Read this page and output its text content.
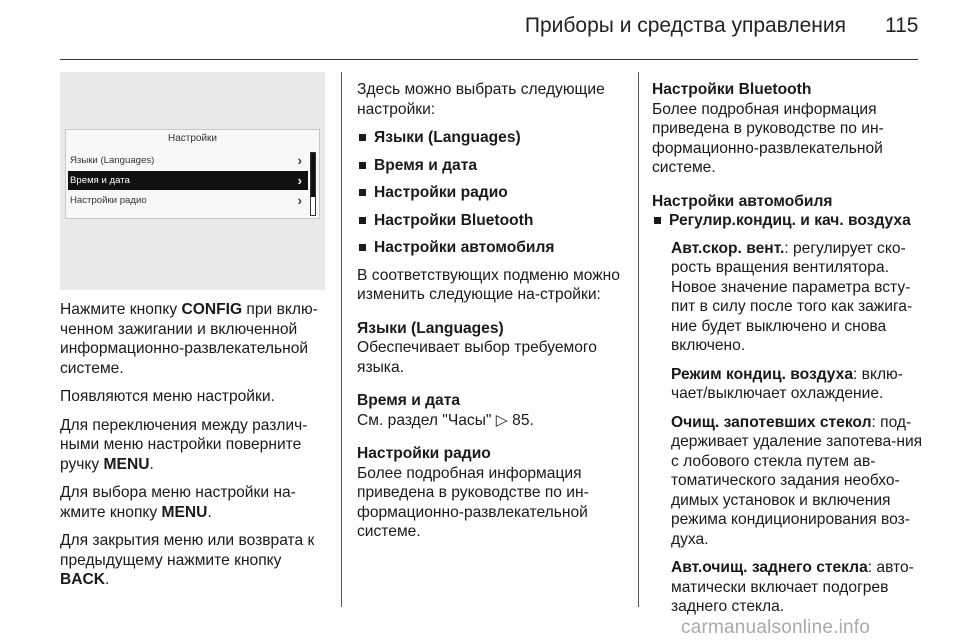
Приборы и средства управления 115
Настройки
Языки (Languages)	›
Время и дата	›
Настройки радио	›

Нажмите кнопку CONFIG при вклю-ченном зажигании и включенной информационно-развлекательной системе.

Появляются меню настройки.

Для переключения между различ-ными меню настройки поверните ручку MENU.

Для выбора меню настройки на-жмите кнопку MENU.

Для закрытия меню или возврата к предыдущему нажмите кнопку BACK.

Здесь можно выбрать следующие настройки:

Языки (Languages)
Время и дата
Настройки радио
Настройки Bluetooth
Настройки автомобиля

В соответствующих подменю можно изменить следующие на-стройки:

Языки (Languages)

Обеспечивает выбор требуемого языка.

Время и дата

См. раздел "Часы" ▷ 85.

Настройки радио

Более подробная информация приведена в руководстве по ин-формационно-развлекательной системе.

Настройки Bluetooth

Более подробная информация приведена в руководстве по ин-формационно-развлекательной системе.

Настройки автомобиля
Регулир.кондиц. и кач. воздуха

Авт.скор. вент.: регулирует ско-рость вращения вентилятора. Новое значение параметра всту-пит в силу после того как зажига-ние будет выключено и снова включено.

Режим кондиц. воздуха: вклю-чает/выключает охлаждение.

Очищ. запотевших стекол: под-держивает удаление запотева-ния с лобового стекла путем ав-томатического задания необхо-димых установок и включения режима кондиционирования воз-духа.

Авт.очищ. заднего стекла: авто-матически включает подогрев заднего стекла.

carmanualsonline.info
